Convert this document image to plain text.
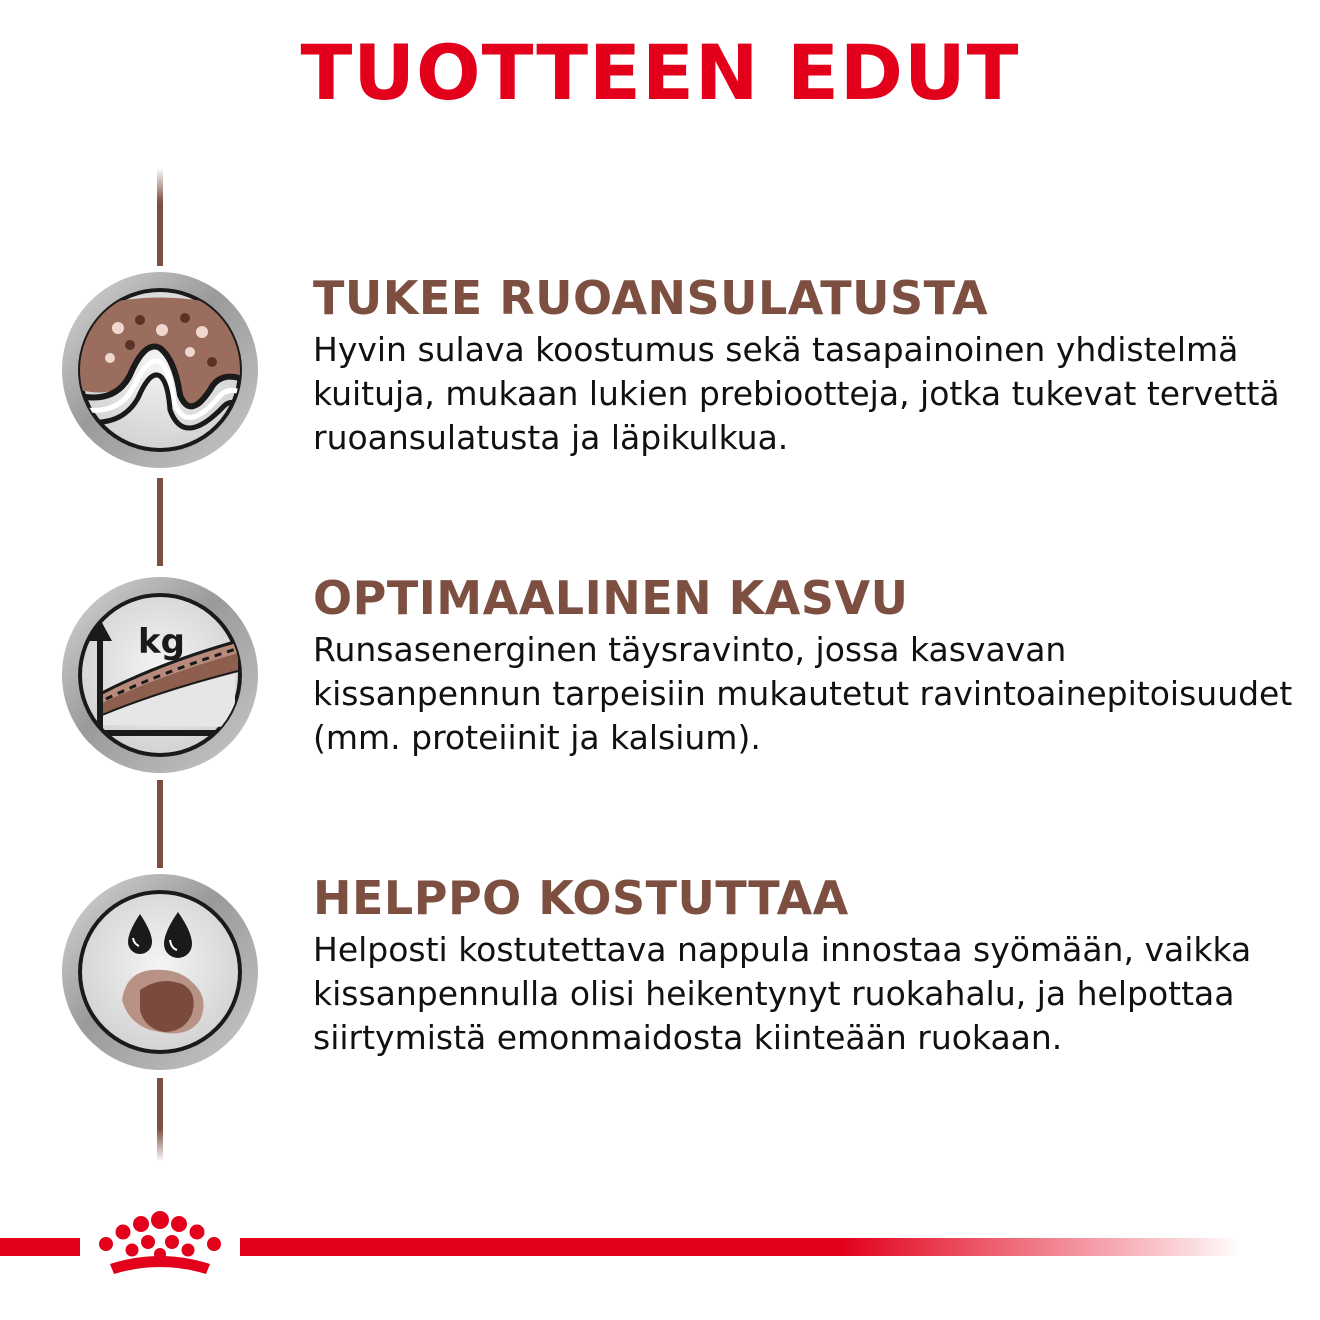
TUOTTEEN EDUT
kg
TUKEE RUOANSULATUSTA

Hyvin sulava koostumus sekä tasapainoinen yhdistelmä kuituja, mukaan lukien prebiootteja, jotka tukevat tervettä ruoansulatusta ja läpikulkua.

OPTIMAALINEN KASVU

Runsasenerginen täysravinto, jossa kasvavan kissanpennun tarpeisiin mukautetut ravintoainepitoisuudet (mm. proteiinit ja kalsium).

HELPPO KOSTUTTAA

Helposti kostutettava nappula innostaa syömään, vaikka kissanpennulla olisi heikentynyt ruokahalu, ja helpottaa siirtymistä emonmaidosta kiinteään ruokaan.
